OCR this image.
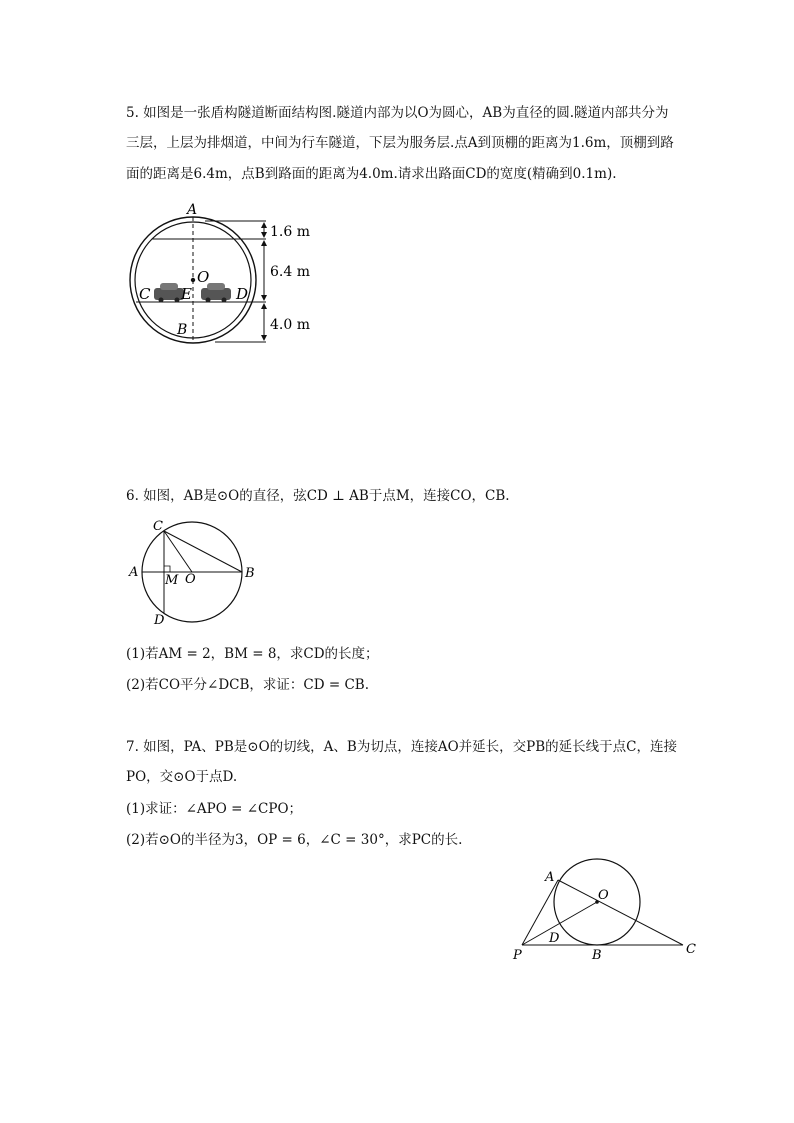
5. 如图是一张盾构隧道断面结构图.隧道内部为以O为圆心，AB为直径的圆.隧道内部共分为
三层，上层为排烟道，中间为行车隧道，下层为服务层.点A到顶棚的距离为1.6m，顶棚到路
面的距离是6.4m，点B到路面的距离为4.0m.请求出路面CD的宽度(精确到0.1m).
A
O
C E	D
B
1.6 m
6.4 m
4.0 m
6. 如图，AB是⊙O的直径，弦CD ⊥ AB于点M，连接CO，CB.
C
A
M O	B
D
(1)若AM = 2，BM = 8，求CD的长度；
(2)若CO平分∠DCB，求证：CD = CB.
7. 如图，PA、PB是⊙O的切线，A、B为切点，连接AO并延长，交PB的延长线于点C，连接
PO，交⊙O于点D.
(1)求证：∠APO = ∠CPO；
(2)若⊙O的半径为3，OP = 6，∠C = 30°，求PC的长.
A
O
D
P	B	C
